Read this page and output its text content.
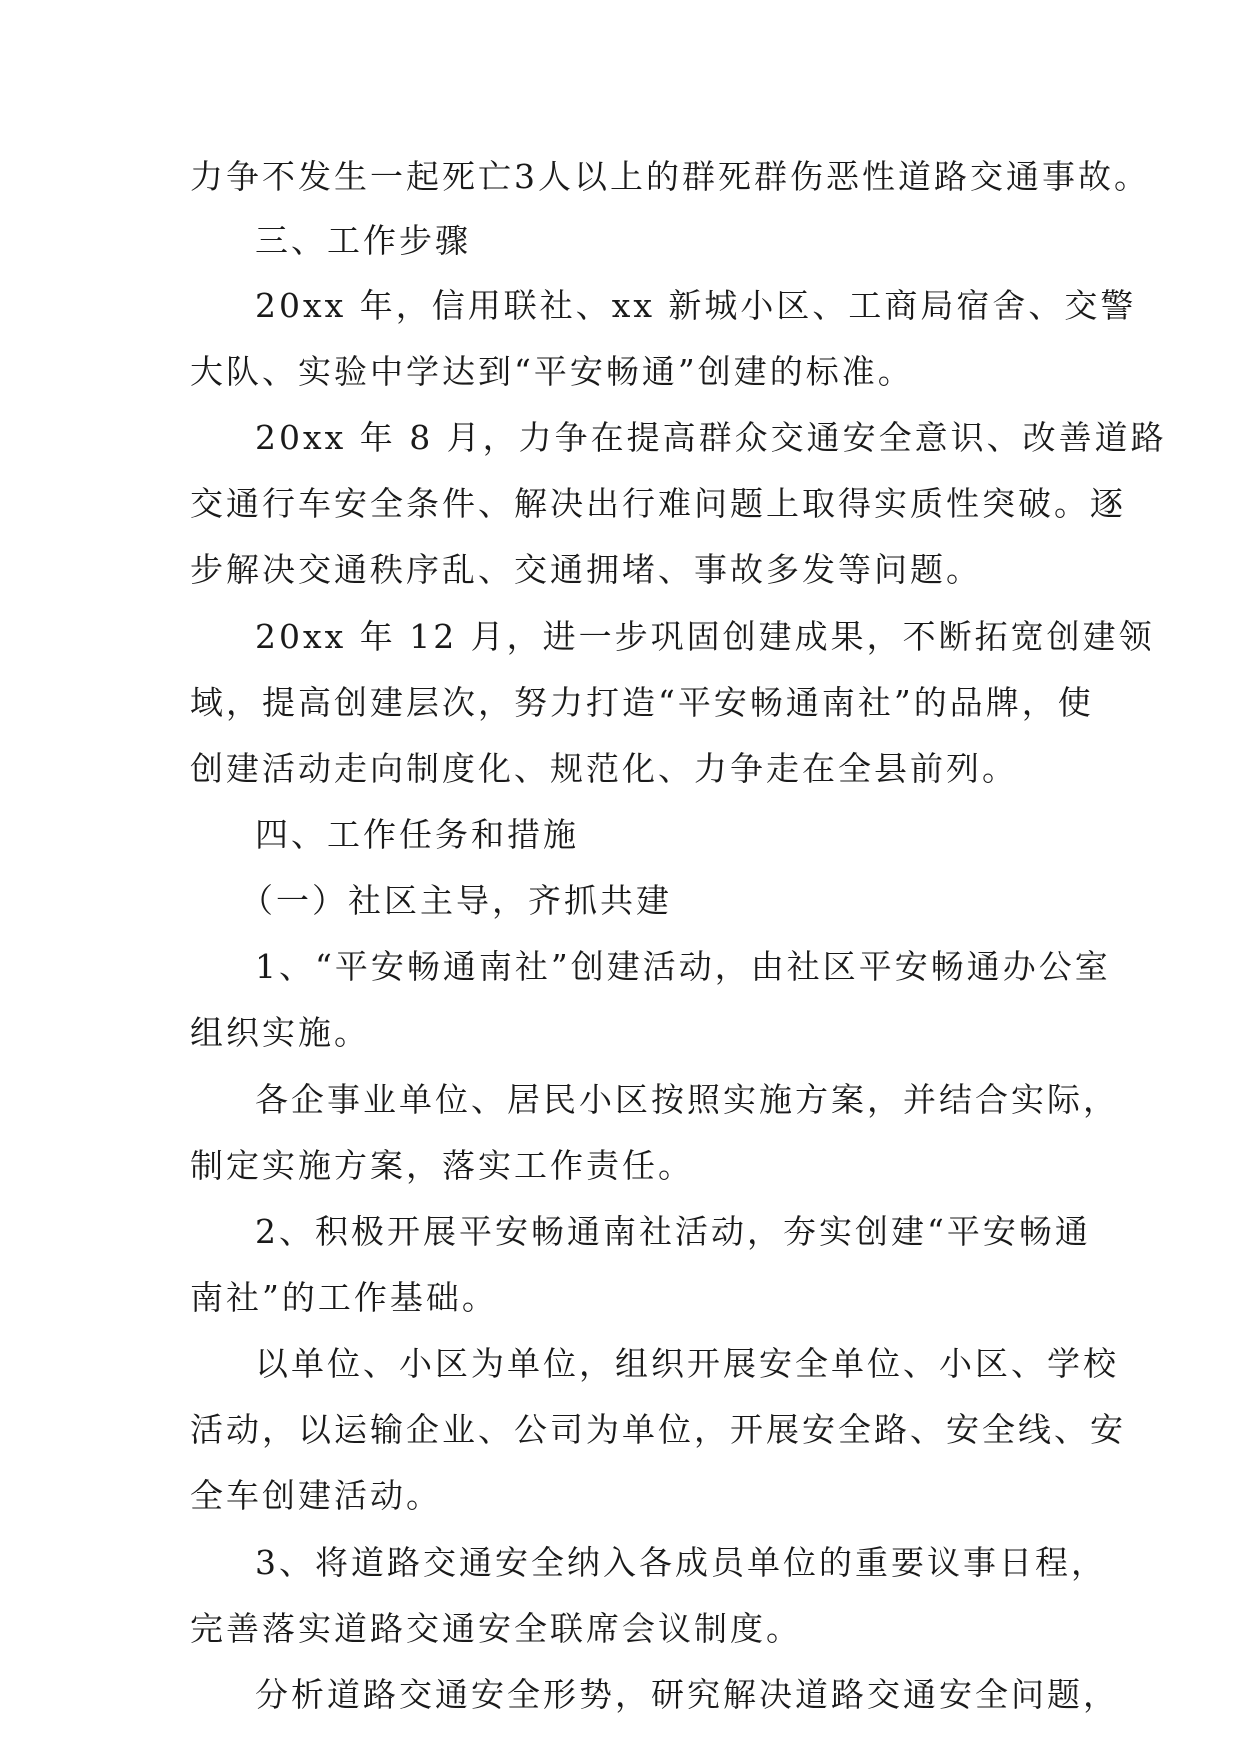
力争不发生一起死亡3人以上的群死群伤恶性道路交通事故。
三、工作步骤
20xx 年，信用联社、xx 新城小区、工商局宿舍、交警
大队、实验中学达到“平安畅通”创建的标准。
20xx 年 8 月，力争在提高群众交通安全意识、改善道路
交通行车安全条件、解决出行难问题上取得实质性突破。逐
步解决交通秩序乱、交通拥堵、事故多发等问题。
20xx 年 12 月，进一步巩固创建成果，不断拓宽创建领
域，提高创建层次，努力打造“平安畅通南社”的品牌，使
创建活动走向制度化、规范化、力争走在全县前列。
四、工作任务和措施
（一）社区主导，齐抓共建
1、“平安畅通南社”创建活动，由社区平安畅通办公室
组织实施。
各企事业单位、居民小区按照实施方案，并结合实际，
制定实施方案，落实工作责任。
2、积极开展平安畅通南社活动，夯实创建“平安畅通
南社”的工作基础。
以单位、小区为单位，组织开展安全单位、小区、学校
活动，以运输企业、公司为单位，开展安全路、安全线、安
全车创建活动。
3、将道路交通安全纳入各成员单位的重要议事日程，
完善落实道路交通安全联席会议制度。
分析道路交通安全形势，研究解决道路交通安全问题，
